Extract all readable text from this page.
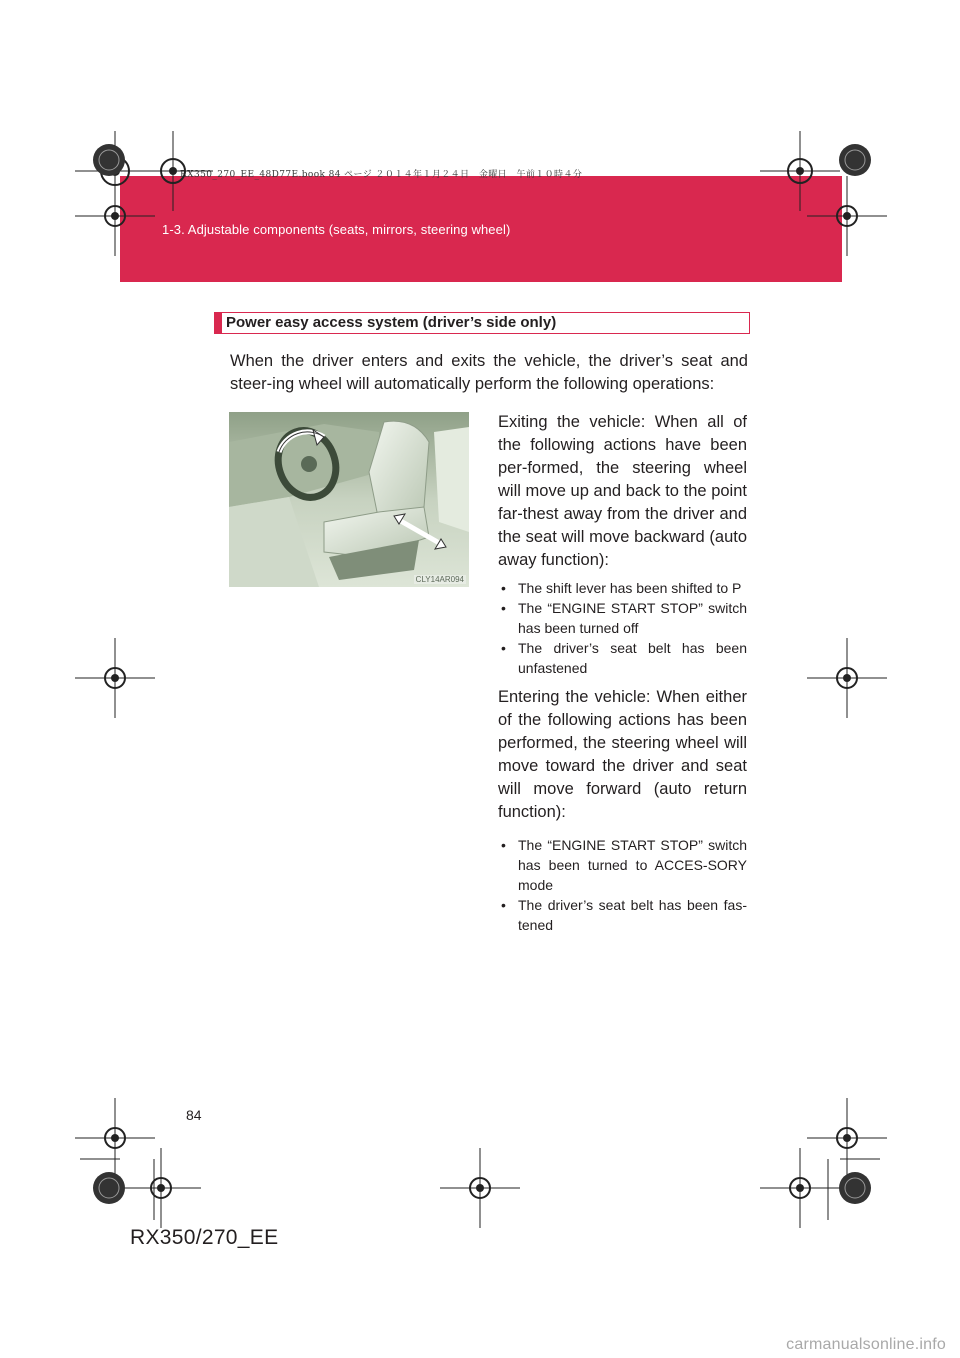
1-3. Adjustable components (seats, mirrors, steering wheel)
RX350_270_EE_48D77E.book 84 ページ ２０１４年１月２４日　金曜日　午前１０時４分
Power easy access system (driver’s side only)
When the driver enters and exits the vehicle, the driver’s seat and steer-ing wheel will automatically perform the following operations:
CLY14AR094
Exiting the vehicle: When all of the following actions have been per-formed, the steering wheel will move up and back to the point far-thest away from the driver and the seat will move backward (auto away function):
• The shift lever has been shifted to P
• The “ENGINE START STOP” switch has been turned off
• The driver’s seat belt has been unfastened
Entering the vehicle: When either of the following actions has been performed, the steering wheel will move toward the driver and seat will move forward (auto return function):
• The “ENGINE START STOP” switch has been turned to ACCES-SORY mode
• The driver’s seat belt has been fas-tened
84
RX350/270_EE
carmanualsonline.info
